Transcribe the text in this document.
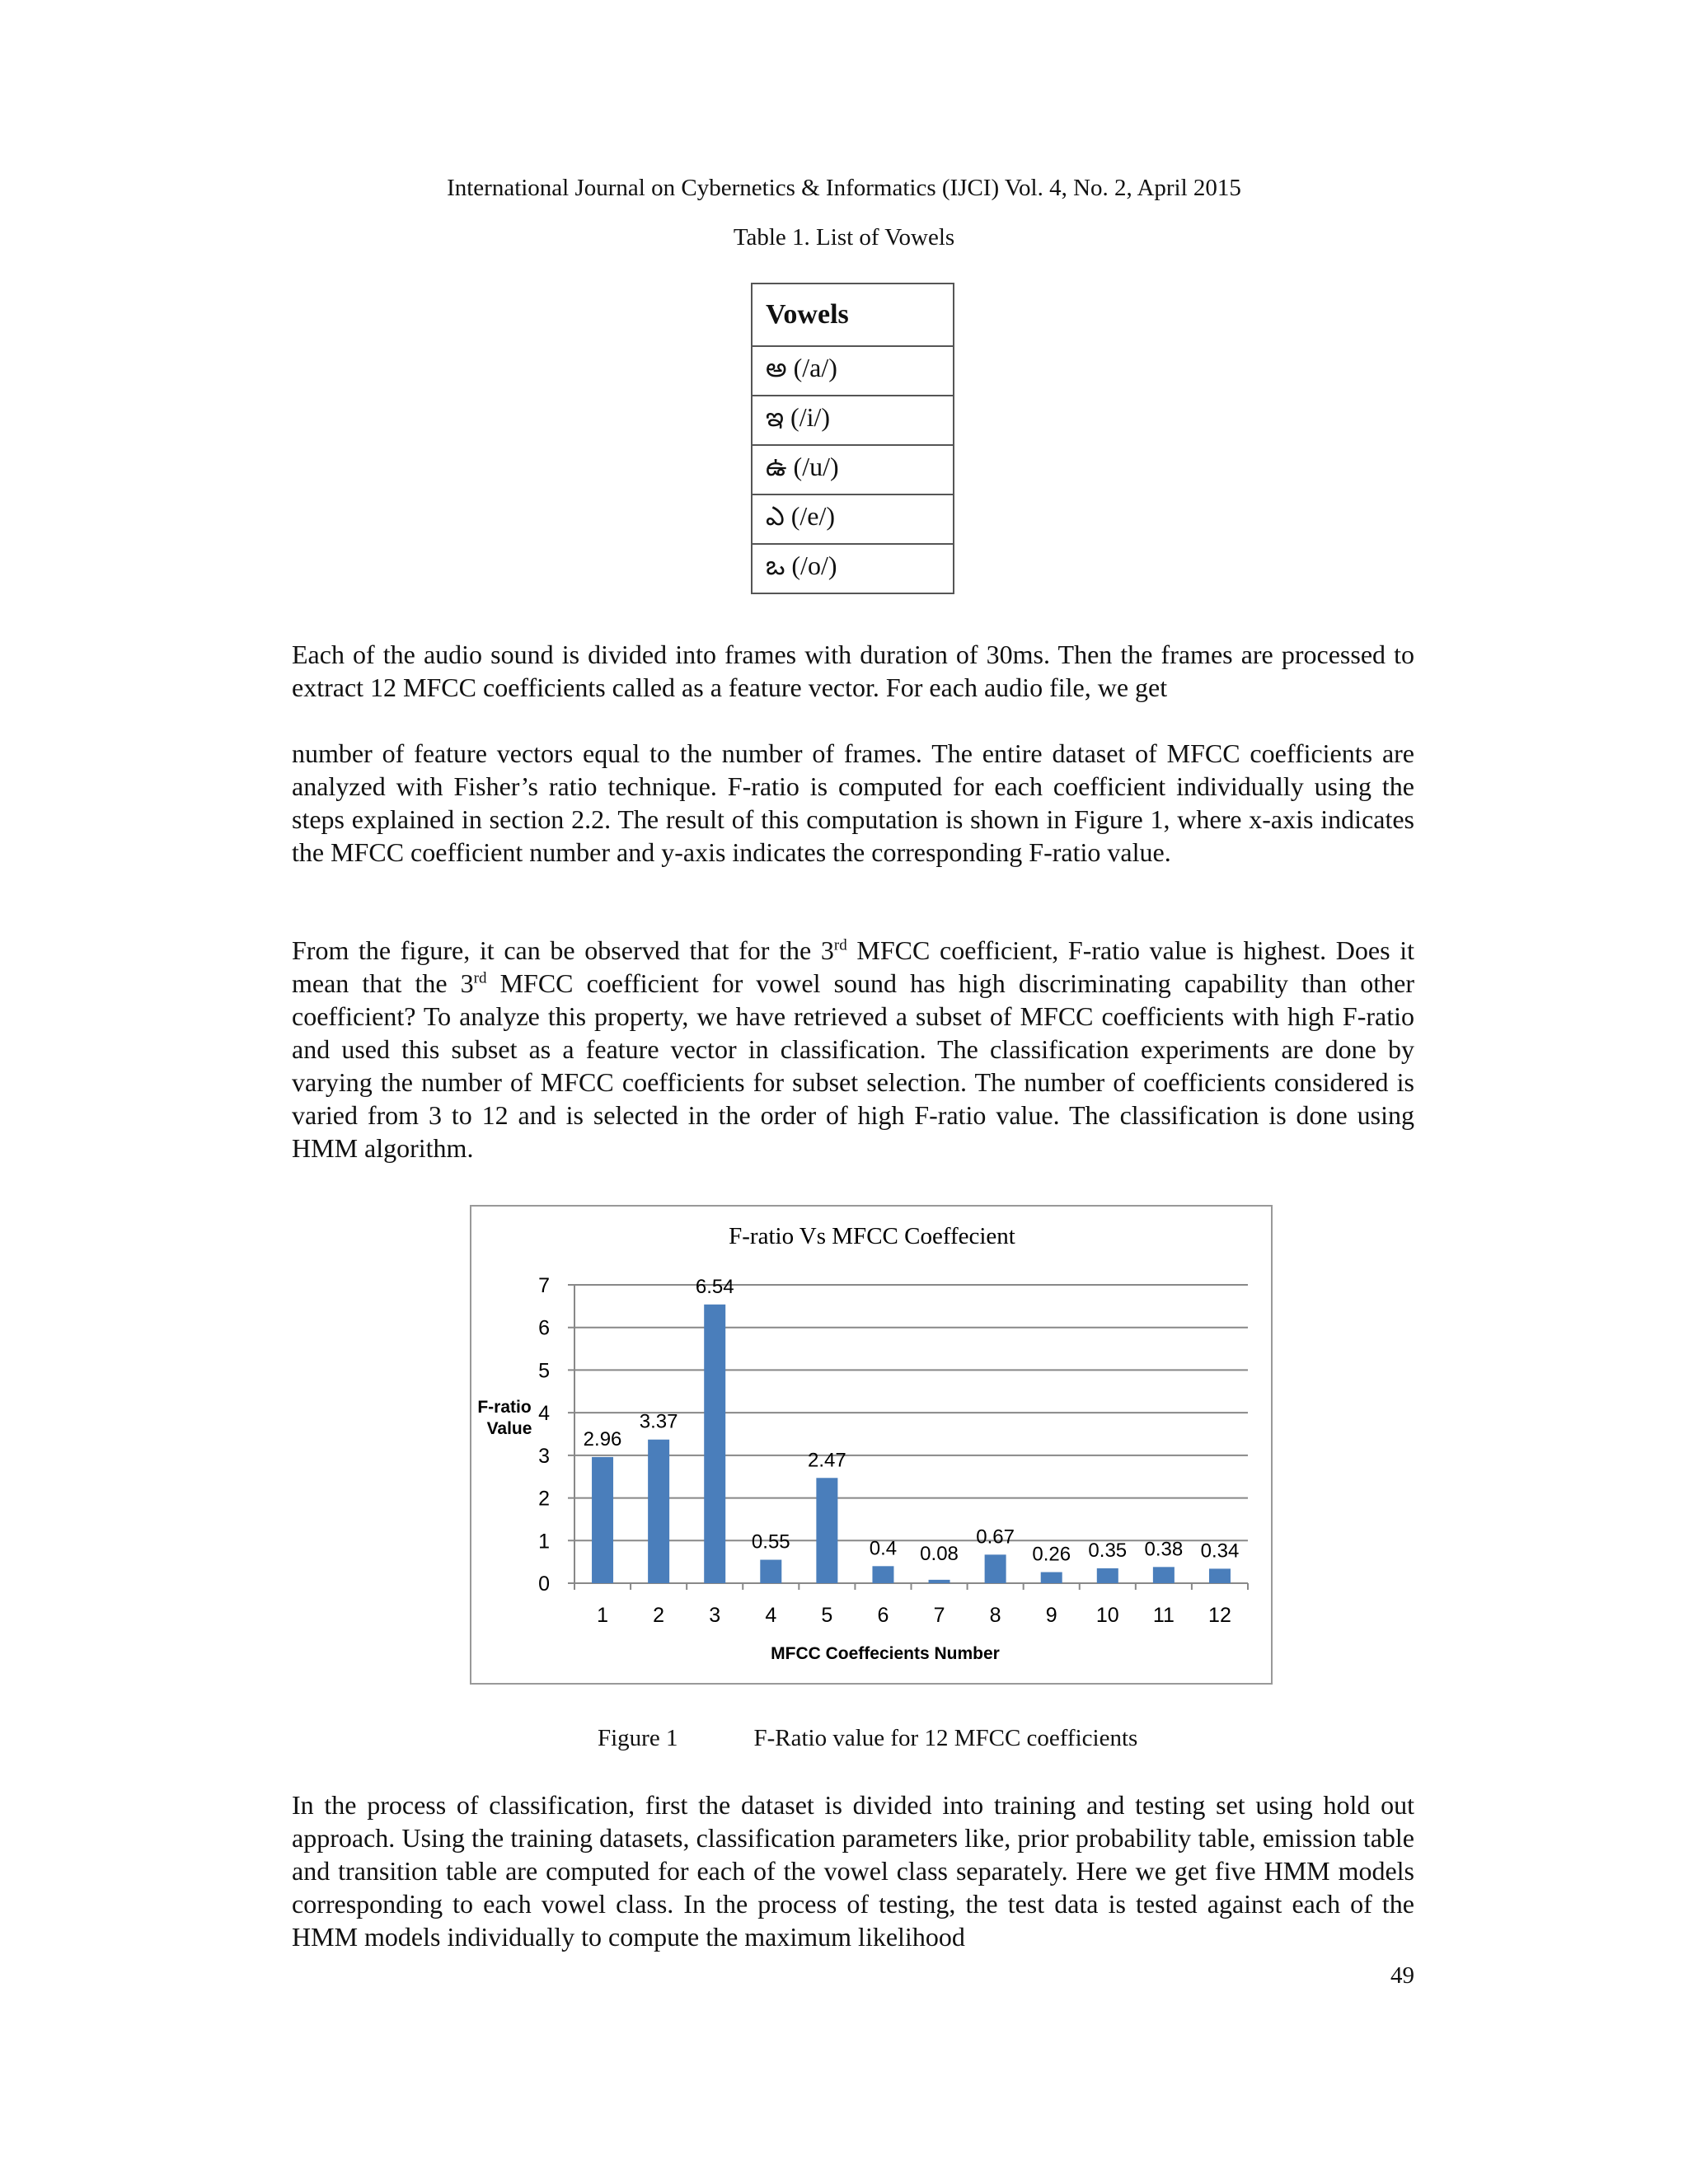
International Journal on Cybernetics & Informatics (IJCI) Vol. 4, No. 2, April 2015
Table 1. List of Vowels
Vowels
అ (/a/)
ఇ (/i/)
ఉ (/u/)
ఎ (/e/)
ఒ (/o/)

Each of the audio sound is divided into frames with duration of 30ms. Then the frames are processed to extract 12 MFCC coefficients called as a feature vector. For each audio file, we get

number of feature vectors equal to the number of frames. The entire dataset of MFCC coefficients are analyzed with Fisher’s ratio technique. F-ratio is computed for each coefficient individually using the steps explained in section 2.2. The result of this computation is shown in Figure 1, where x-axis indicates the MFCC coefficient number and y-axis indicates the corresponding F-ratio value.

From the figure, it can be observed that for the 3rd MFCC coefficient, F-ratio value is highest. Does it mean that the 3rd MFCC coefficient for vowel sound has high discriminating capability than other coefficient? To analyze this property, we have retrieved a subset of MFCC coefficients with high F-ratio and used this subset as a feature vector in classification. The classification experiments are done by varying the number of MFCC coefficients for subset selection. The number of coefficients considered is varied from 3 to 12 and is selected in the order of high F-ratio value. The classification is done using HMM algorithm.

F-ratio Vs MFCC Coeffecient
F-ratio
Value
MFCC Coeffecients Number
0
1
2
3
4
5
6
7
1
2.96
2
3.37
3
6.54
4
0.55
5
2.47
6
0.4
7
0.08
8
0.67
9
0.26
10
0.35
11
0.38
12
0.34
Figure 1	F-Ratio value for 12 MFCC coefficients

In the process of classification, first the dataset is divided into training and testing set using hold out approach. Using the training datasets, classification parameters like, prior probability table, emission table and transition table are computed for each of the vowel class separately. Here we get five HMM models corresponding to each vowel class. In the process of testing, the test data is tested against each of the HMM models individually to compute the maximum likelihood

49
